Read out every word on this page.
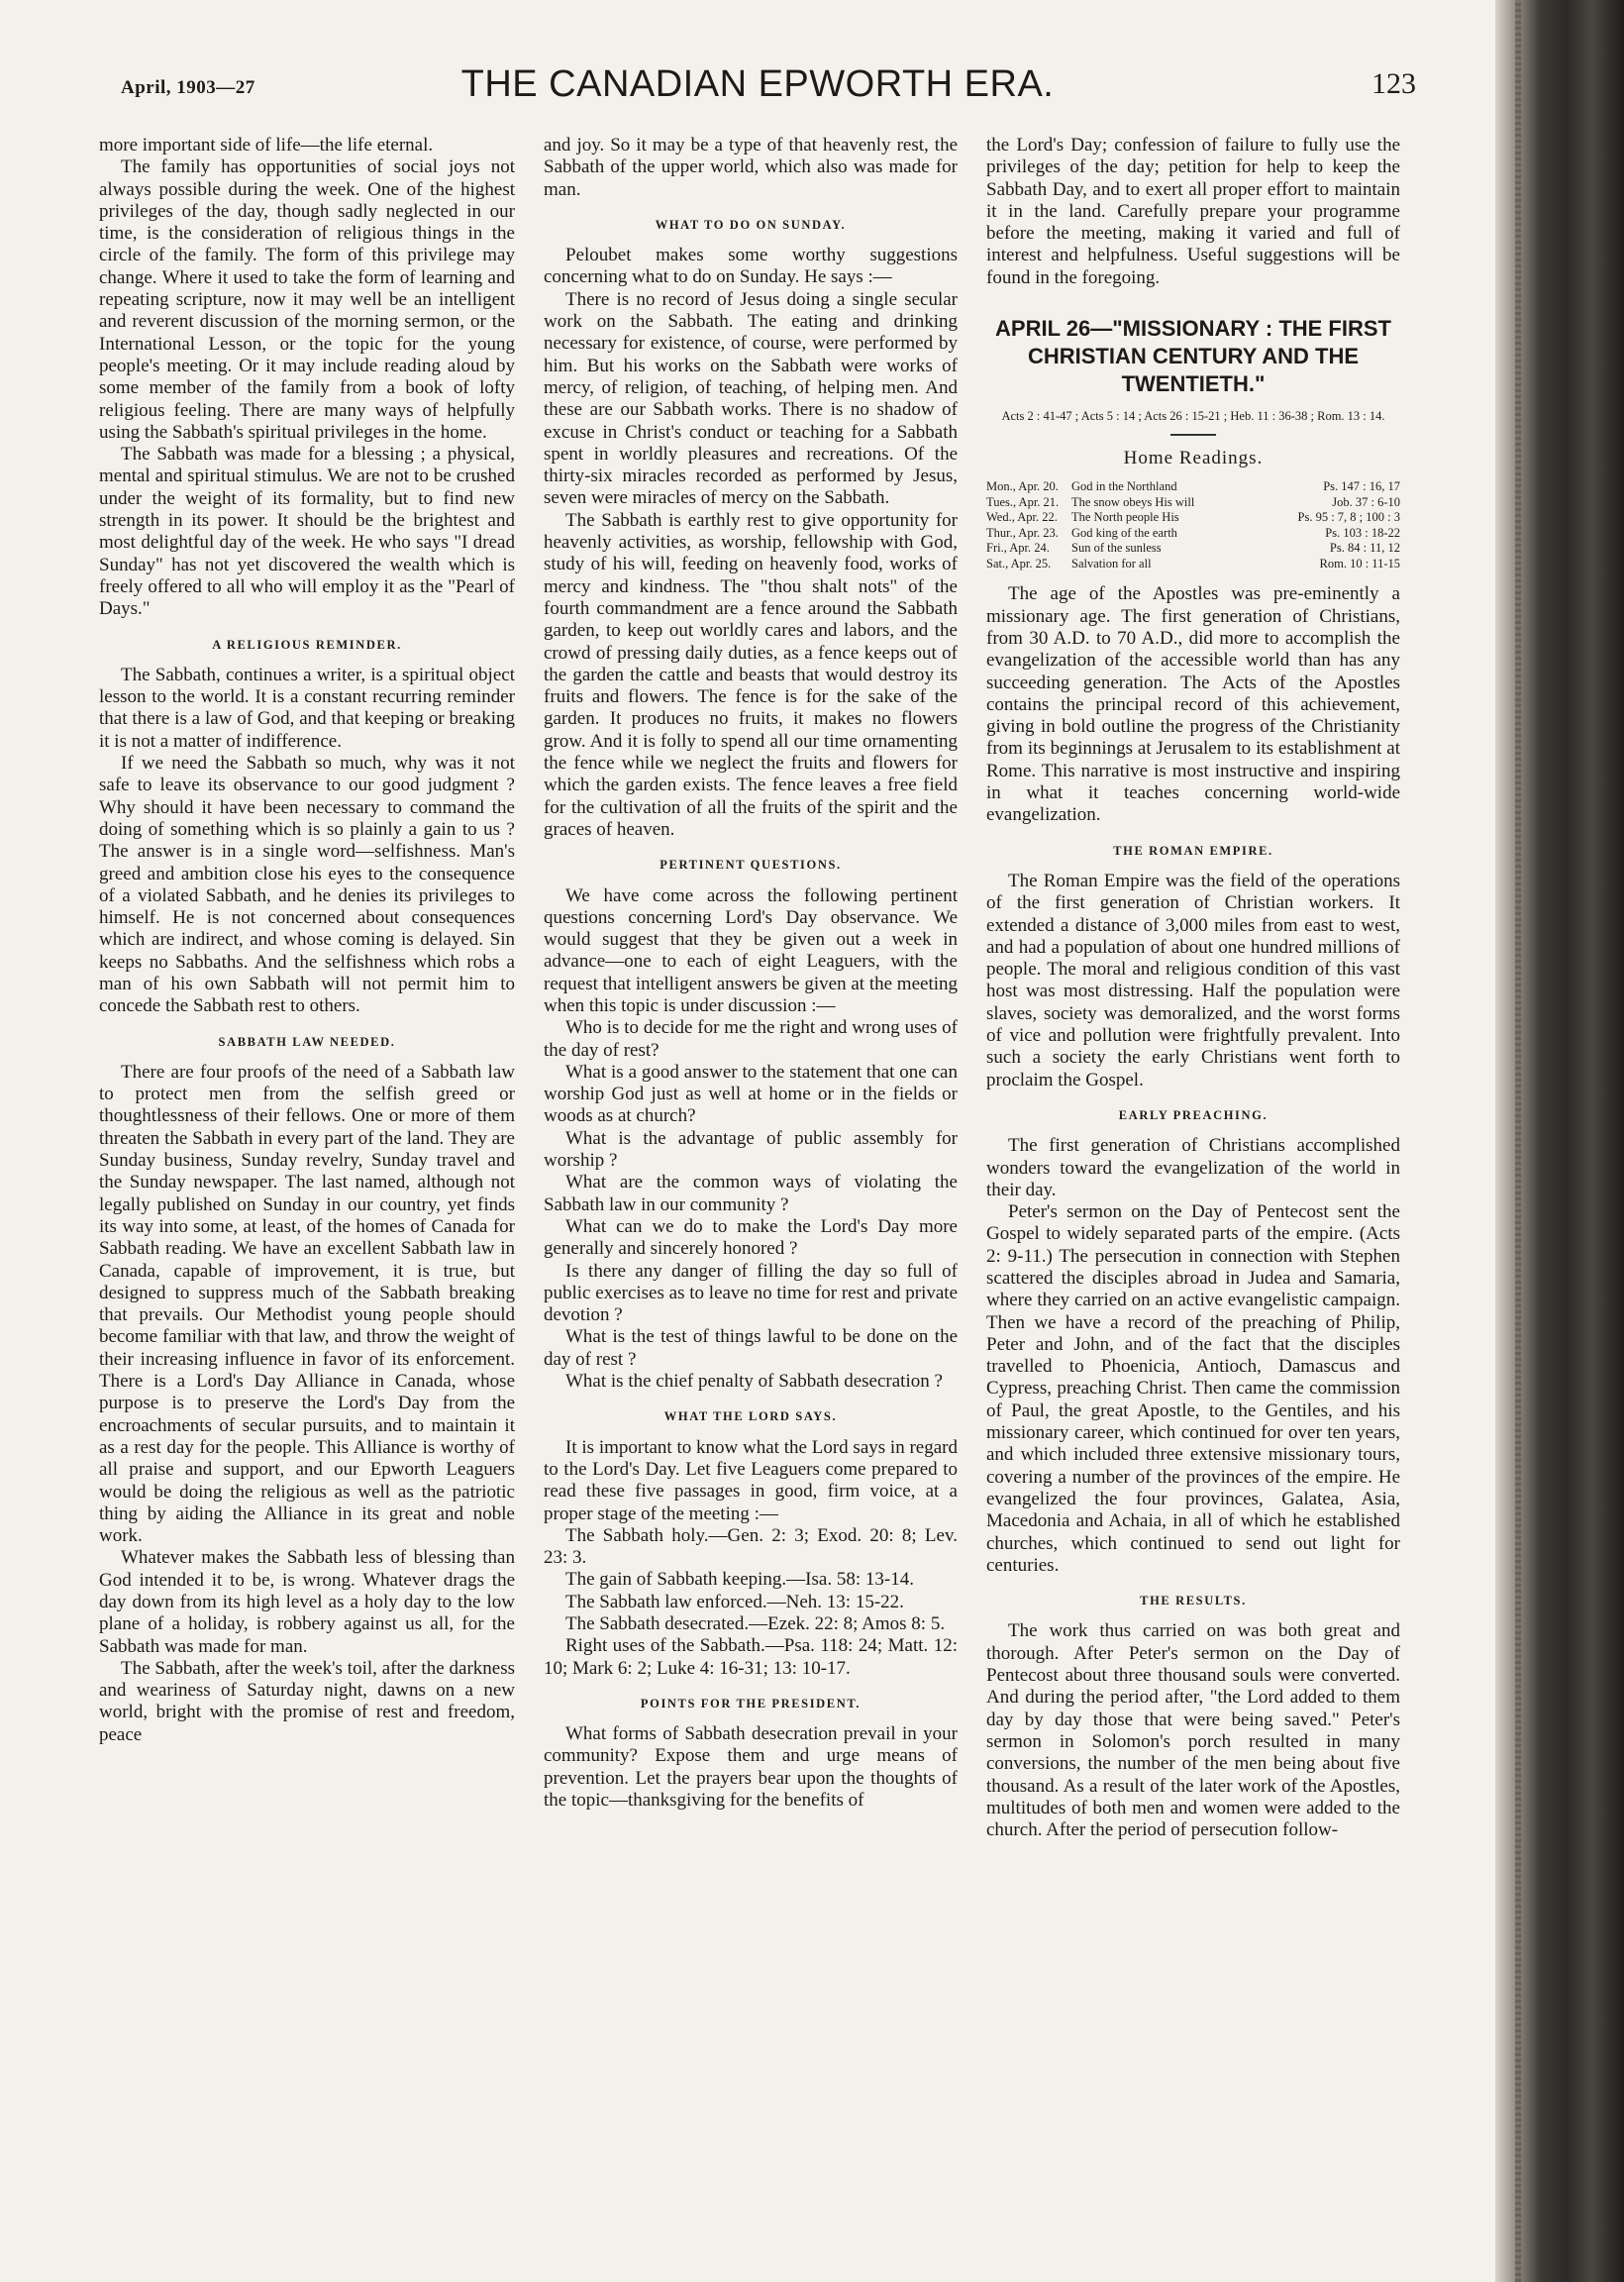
April, 1903—27	THE CANADIAN EPWORTH ERA.	123

more important side of life—the life eternal.

The family has opportunities of social joys not always possible during the week. One of the highest privileges of the day, though sadly neglected in our time, is the consideration of religious things in the circle of the family. The form of this privilege may change. Where it used to take the form of learning and repeating scripture, now it may well be an intelligent and reverent discussion of the morning sermon, or the International Lesson, or the topic for the young people's meeting. Or it may include reading aloud by some member of the family from a book of lofty religious feeling. There are many ways of helpfully using the Sabbath's spiritual privileges in the home.

The Sabbath was made for a blessing ; a physical, mental and spiritual stimulus. We are not to be crushed under the weight of its formality, but to find new strength in its power. It should be the brightest and most delightful day of the week. He who says "I dread Sunday" has not yet discovered the wealth which is freely offered to all who will employ it as the "Pearl of Days."

A RELIGIOUS REMINDER.

The Sabbath, continues a writer, is a spiritual object lesson to the world. It is a constant recurring reminder that there is a law of God, and that keeping or breaking it is not a matter of indifference.

If we need the Sabbath so much, why was it not safe to leave its observance to our good judgment ? Why should it have been necessary to command the doing of something which is so plainly a gain to us ? The answer is in a single word—selfishness. Man's greed and ambition close his eyes to the consequence of a violated Sabbath, and he denies its privileges to himself. He is not concerned about consequences which are indirect, and whose coming is delayed. Sin keeps no Sabbaths. And the selfishness which robs a man of his own Sabbath will not permit him to concede the Sabbath rest to others.

SABBATH LAW NEEDED.

There are four proofs of the need of a Sabbath law to protect men from the selfish greed or thoughtlessness of their fellows. One or more of them threaten the Sabbath in every part of the land. They are Sunday business, Sunday revelry, Sunday travel and the Sunday newspaper. The last named, although not legally published on Sunday in our country, yet finds its way into some, at least, of the homes of Canada for Sabbath reading. We have an excellent Sabbath law in Canada, capable of improvement, it is true, but designed to suppress much of the Sabbath breaking that prevails. Our Methodist young people should become familiar with that law, and throw the weight of their increasing influence in favor of its enforcement. There is a Lord's Day Alliance in Canada, whose purpose is to preserve the Lord's Day from the encroachments of secular pursuits, and to maintain it as a rest day for the people. This Alliance is worthy of all praise and support, and our Epworth Leaguers would be doing the religious as well as the patriotic thing by aiding the Alliance in its great and noble work.

Whatever makes the Sabbath less of blessing than God intended it to be, is wrong. Whatever drags the day down from its high level as a holy day to the low plane of a holiday, is robbery against us all, for the Sabbath was made for man.

The Sabbath, after the week's toil, after the darkness and weariness of Saturday night, dawns on a new world, bright with the promise of rest and freedom, peace

and joy. So it may be a type of that heavenly rest, the Sabbath of the upper world, which also was made for man.

WHAT TO DO ON SUNDAY.

Peloubet makes some worthy suggestions concerning what to do on Sunday. He says :—

There is no record of Jesus doing a single secular work on the Sabbath. The eating and drinking necessary for existence, of course, were performed by him. But his works on the Sabbath were works of mercy, of religion, of teaching, of helping men. And these are our Sabbath works. There is no shadow of excuse in Christ's conduct or teaching for a Sabbath spent in worldly pleasures and recreations. Of the thirty-six miracles recorded as performed by Jesus, seven were miracles of mercy on the Sabbath.

The Sabbath is earthly rest to give opportunity for heavenly activities, as worship, fellowship with God, study of his will, feeding on heavenly food, works of mercy and kindness. The "thou shalt nots" of the fourth commandment are a fence around the Sabbath garden, to keep out worldly cares and labors, and the crowd of pressing daily duties, as a fence keeps out of the garden the cattle and beasts that would destroy its fruits and flowers. The fence is for the sake of the garden. It produces no fruits, it makes no flowers grow. And it is folly to spend all our time ornamenting the fence while we neglect the fruits and flowers for which the garden exists. The fence leaves a free field for the cultivation of all the fruits of the spirit and the graces of heaven.

PERTINENT QUESTIONS.

We have come across the following pertinent questions concerning Lord's Day observance. We would suggest that they be given out a week in advance—one to each of eight Leaguers, with the request that intelligent answers be given at the meeting when this topic is under discussion :—

Who is to decide for me the right and wrong uses of the day of rest?

What is a good answer to the statement that one can worship God just as well at home or in the fields or woods as at church?

What is the advantage of public assembly for worship ?

What are the common ways of violating the Sabbath law in our community ?

What can we do to make the Lord's Day more generally and sincerely honored ?

Is there any danger of filling the day so full of public exercises as to leave no time for rest and private devotion ?

What is the test of things lawful to be done on the day of rest ?

What is the chief penalty of Sabbath desecration ?

WHAT THE LORD SAYS.

It is important to know what the Lord says in regard to the Lord's Day. Let five Leaguers come prepared to read these five passages in good, firm voice, at a proper stage of the meeting :—

The Sabbath holy.—Gen. 2: 3; Exod. 20: 8; Lev. 23: 3.

The gain of Sabbath keeping.—Isa. 58: 13-14.

The Sabbath law enforced.—Neh. 13: 15-22.

The Sabbath desecrated.—Ezek. 22: 8; Amos 8: 5.

Right uses of the Sabbath.—Psa. 118: 24; Matt. 12: 10; Mark 6: 2; Luke 4: 16-31; 13: 10-17.

POINTS FOR THE PRESIDENT.

What forms of Sabbath desecration prevail in your community? Expose them and urge means of prevention. Let the prayers bear upon the thoughts of the topic—thanksgiving for the benefits of

the Lord's Day; confession of failure to fully use the privileges of the day; petition for help to keep the Sabbath Day, and to exert all proper effort to maintain it in the land. Carefully prepare your programme before the meeting, making it varied and full of interest and helpfulness. Useful suggestions will be found in the foregoing.

APRIL 26—"MISSIONARY : THE FIRST CHRISTIAN CENTURY AND THE TWENTIETH."
Acts 2 : 41-47 ; Acts 5 : 14 ; Acts 26 : 15-21 ; Heb. 11 : 36-38 ; Rom. 13 : 14.
Home Readings.
Mon., Apr. 20.	God in the Northland	Ps. 147 : 16, 17
Tues., Apr. 21.	The snow obeys His will	Job. 37 : 6-10
Wed., Apr. 22.	The North people His	Ps. 95 : 7, 8 ; 100 : 3
Thur., Apr. 23.	God king of the earth	Ps. 103 : 18-22
Fri., Apr. 24.	Sun of the sunless	Ps. 84 : 11, 12
Sat., Apr. 25.	Salvation for all	Rom. 10 : 11-15

The age of the Apostles was pre-eminently a missionary age. The first generation of Christians, from 30 A.D. to 70 A.D., did more to accomplish the evangelization of the accessible world than has any succeeding generation. The Acts of the Apostles contains the principal record of this achievement, giving in bold outline the progress of the Christianity from its beginnings at Jerusalem to its establishment at Rome. This narrative is most instructive and inspiring in what it teaches concerning world-wide evangelization.

THE ROMAN EMPIRE.

The Roman Empire was the field of the operations of the first generation of Christian workers. It extended a distance of 3,000 miles from east to west, and had a population of about one hundred millions of people. The moral and religious condition of this vast host was most distressing. Half the population were slaves, society was demoralized, and the worst forms of vice and pollution were frightfully prevalent. Into such a society the early Christians went forth to proclaim the Gospel.

EARLY PREACHING.

The first generation of Christians accomplished wonders toward the evangelization of the world in their day.

Peter's sermon on the Day of Pentecost sent the Gospel to widely separated parts of the empire. (Acts 2: 9-11.) The persecution in connection with Stephen scattered the disciples abroad in Judea and Samaria, where they carried on an active evangelistic campaign. Then we have a record of the preaching of Philip, Peter and John, and of the fact that the disciples travelled to Phoenicia, Antioch, Damascus and Cypress, preaching Christ. Then came the commission of Paul, the great Apostle, to the Gentiles, and his missionary career, which continued for over ten years, and which included three extensive missionary tours, covering a number of the provinces of the empire. He evangelized the four provinces, Galatea, Asia, Macedonia and Achaia, in all of which he established churches, which continued to send out light for centuries.

THE RESULTS.

The work thus carried on was both great and thorough. After Peter's sermon on the Day of Pentecost about three thousand souls were converted. And during the period after, "the Lord added to them day by day those that were being saved." Peter's sermon in Solomon's porch resulted in many conversions, the number of the men being about five thousand. As a result of the later work of the Apostles, multitudes of both men and women were added to the church. After the period of persecution follow-
